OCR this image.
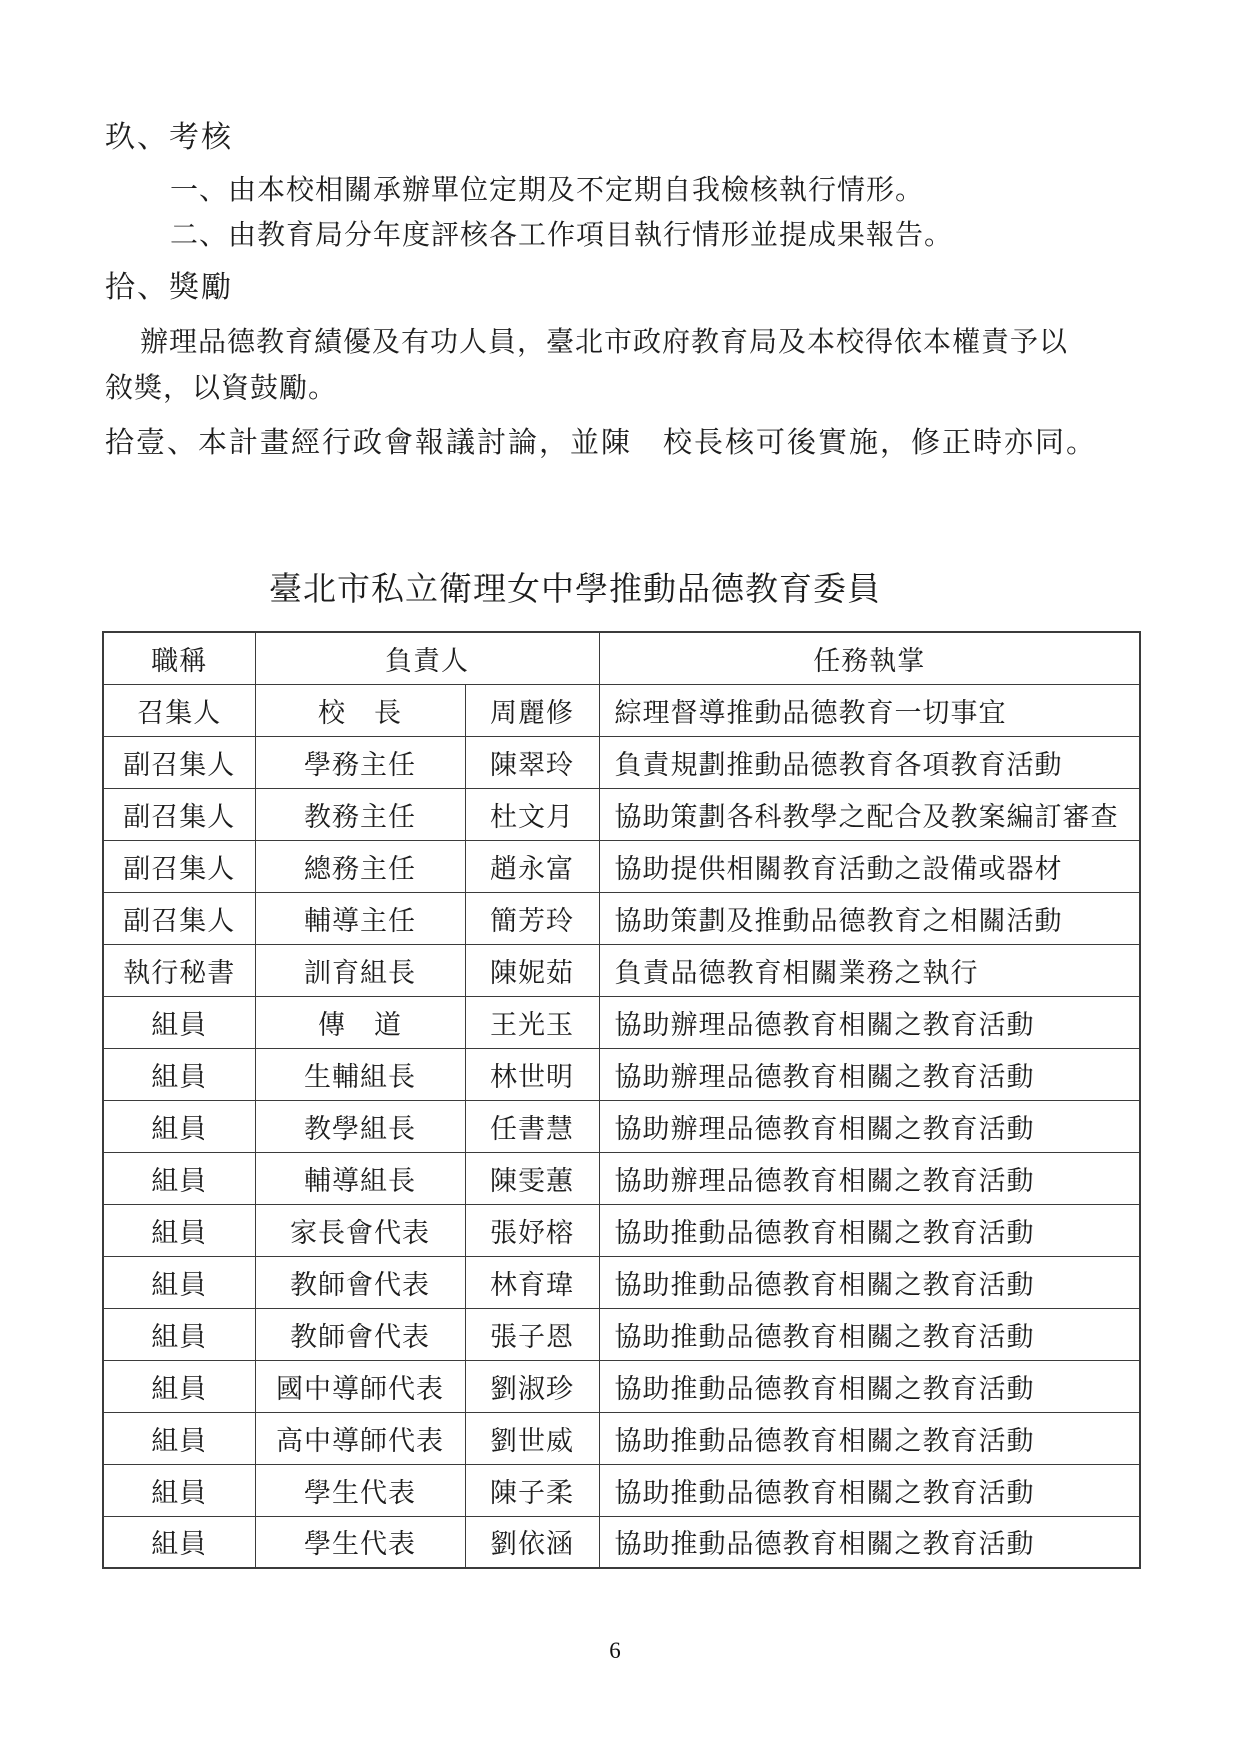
玖、考核

一、由本校相關承辦單位定期及不定期自我檢核執行情形。

二、由教育局分年度評核各工作項目執行情形並提成果報告。

拾、獎勵

辦理品德教育績優及有功人員，臺北市政府教育局及本校得依本權責予以

敘獎，以資鼓勵。

拾壹、本計畫經行政會報議討論，並陳　校長核可後實施，修正時亦同。
臺北市私立衛理女中學推動品德教育委員
職稱	負責人		任務執掌
召集人	校　長	周麗修	綜理督導推動品德教育一切事宜
副召集人	學務主任	陳翠玲	負責規劃推動品德教育各項教育活動
副召集人	教務主任	杜文月	協助策劃各科教學之配合及教案編訂審查
副召集人	總務主任	趙永富	協助提供相關教育活動之設備或器材
副召集人	輔導主任	簡芳玲	協助策劃及推動品德教育之相關活動
執行秘書	訓育組長	陳妮茹	負責品德教育相關業務之執行
組員	傳　道	王光玉	協助辦理品德教育相關之教育活動
組員	生輔組長	林世明	協助辦理品德教育相關之教育活動
組員	教學組長	任書慧	協助辦理品德教育相關之教育活動
組員	輔導組長	陳雯蕙	協助辦理品德教育相關之教育活動
組員	家長會代表	張妤榕	協助推動品德教育相關之教育活動
組員	教師會代表	林育瑋	協助推動品德教育相關之教育活動
組員	教師會代表	張子恩	協助推動品德教育相關之教育活動
組員	國中導師代表	劉淑珍	協助推動品德教育相關之教育活動
組員	高中導師代表	劉世威	協助推動品德教育相關之教育活動
組員	學生代表	陳子柔	協助推動品德教育相關之教育活動
組員	學生代表	劉依涵	協助推動品德教育相關之教育活動
6
